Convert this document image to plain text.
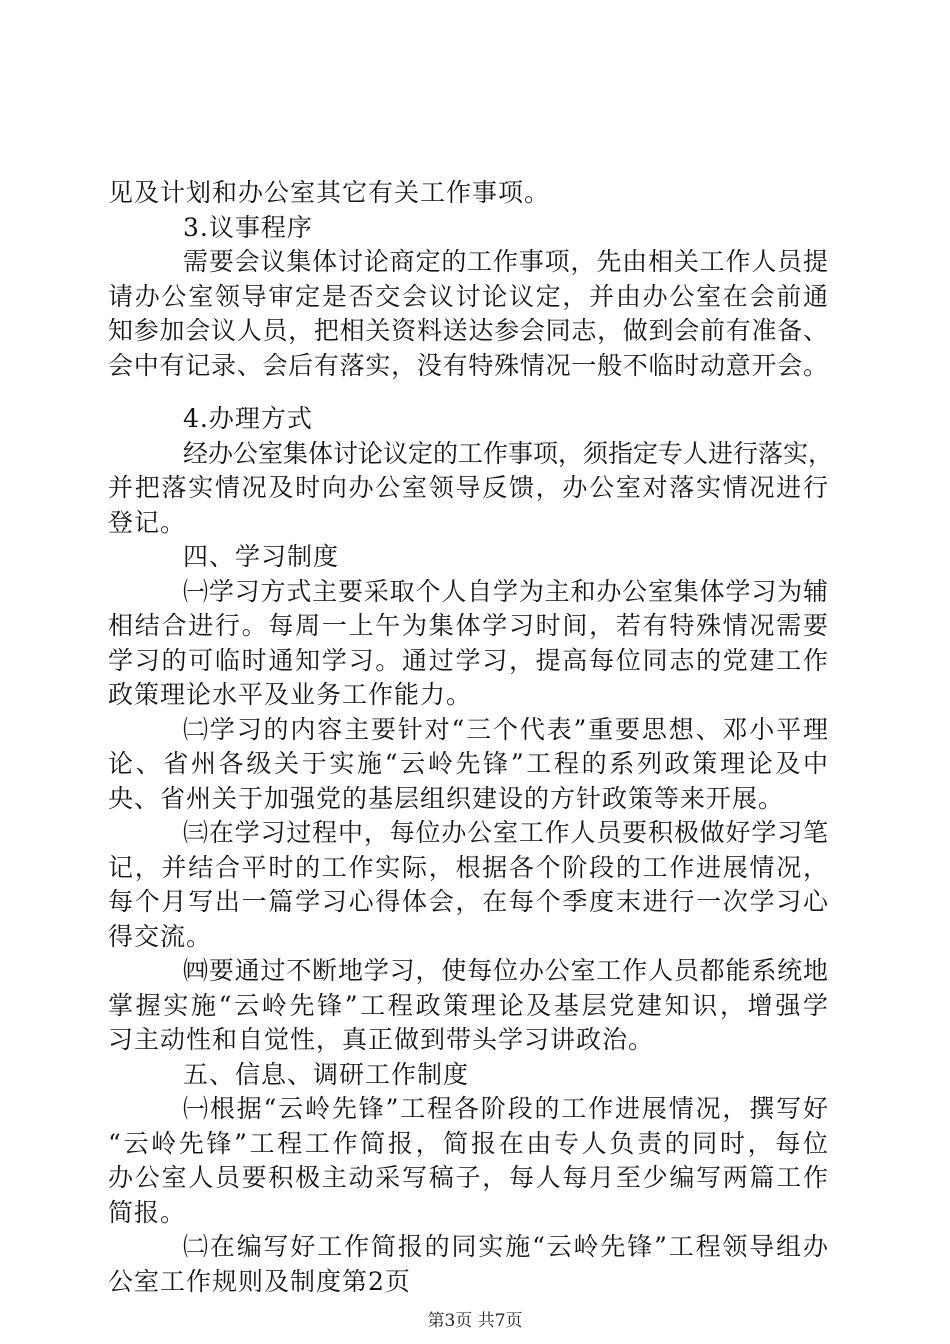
见及计划和办公室其它有关工作事项。
3.议事程序
需要会议集体讨论商定的工作事项，先由相关工作人员提
请办公室领导审定是否交会议讨论议定，并由办公室在会前通
知参加会议人员，把相关资料送达参会同志，做到会前有准备、
会中有记录、会后有落实，没有特殊情况一般不临时动意开会。
4.办理方式
经办公室集体讨论议定的工作事项，须指定专人进行落实，
并把落实情况及时向办公室领导反馈，办公室对落实情况进行
登记。
四、学习制度
㈠学习方式主要采取个人自学为主和办公室集体学习为辅
相结合进行。每周一上午为集体学习时间，若有特殊情况需要
学习的可临时通知学习。通过学习，提高每位同志的党建工作
政策理论水平及业务工作能力。
㈡学习的内容主要针对“三个代表”重要思想、邓小平理
论、省州各级关于实施“云岭先锋”工程的系列政策理论及中
央、省州关于加强党的基层组织建设的方针政策等来开展。
㈢在学习过程中，每位办公室工作人员要积极做好学习笔
记，并结合平时的工作实际，根据各个阶段的工作进展情况，
每个月写出一篇学习心得体会，在每个季度末进行一次学习心
得交流。
㈣要通过不断地学习，使每位办公室工作人员都能系统地
掌握实施“云岭先锋”工程政策理论及基层党建知识，增强学
习主动性和自觉性，真正做到带头学习讲政治。
五、信息、调研工作制度
㈠根据“云岭先锋”工程各阶段的工作进展情况，撰写好
“云岭先锋”工程工作简报，简报在由专人负责的同时，每位
办公室人员要积极主动采写稿子，每人每月至少编写两篇工作
简报。
㈡在编写好工作简报的同实施“云岭先锋”工程领导组办
公室工作规则及制度第2页
第3页 共7页
